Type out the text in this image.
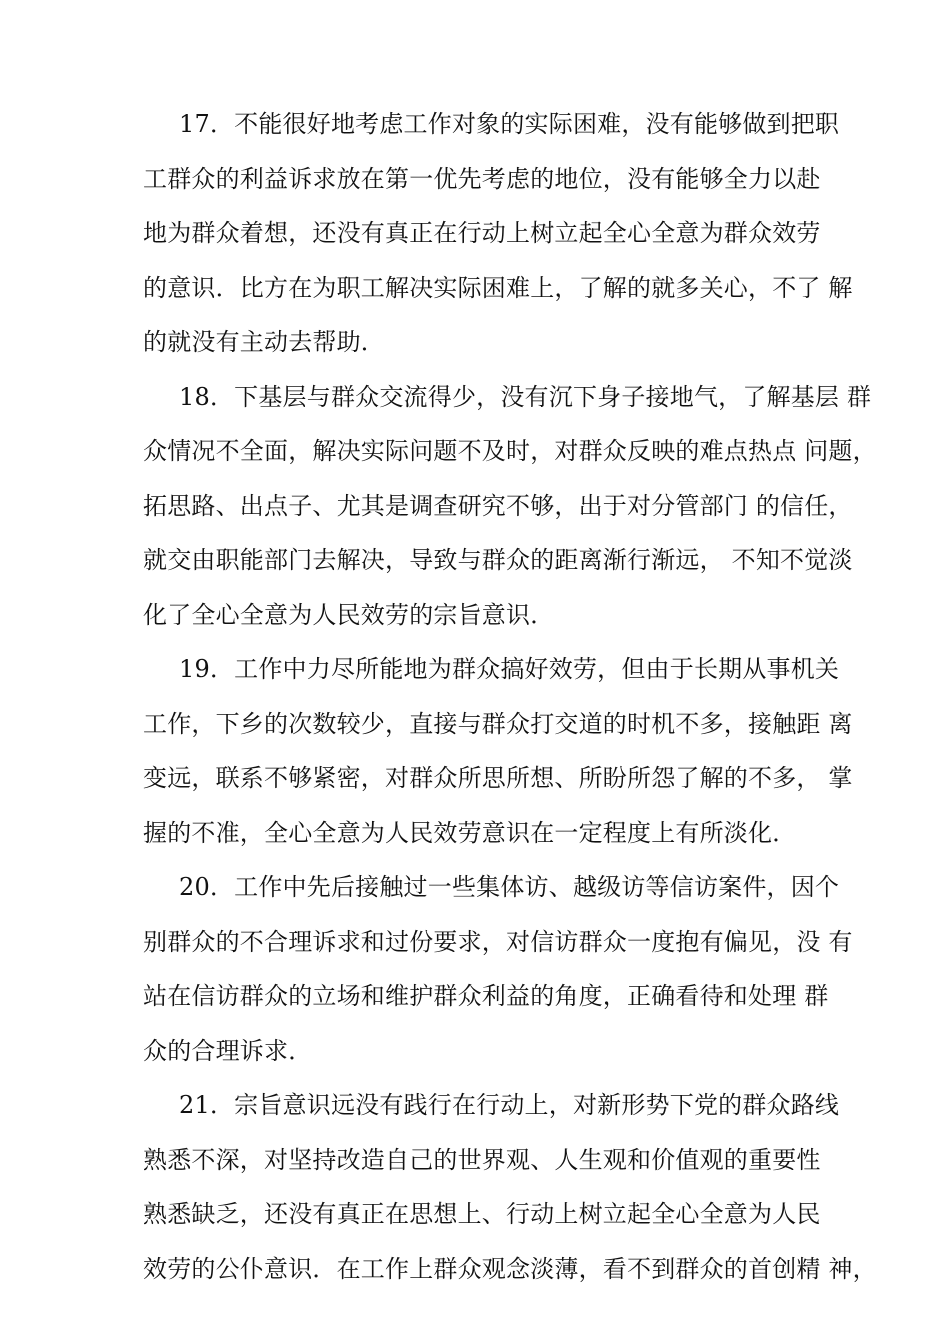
17．不能很好地考虑工作对象的实际困难，没有能够做到把职
工群众的利益诉求放在第一优先考虑的地位，没有能够全力以赴
地为群众着想，还没有真正在行动上树立起全心全意为群众效劳
的意识．比方在为职工解决实际困难上，了解的就多关心，不了 解
的就没有主动去帮助．
18．下基层与群众交流得少，没有沉下身子接地气，了解基层 群
众情况不全面，解决实际问题不及时，对群众反映的难点热点 问题，
拓思路、出点子、尤其是调查研究不够，出于对分管部门 的信任，
就交由职能部门去解决，导致与群众的距离渐行渐远， 不知不觉淡
化了全心全意为人民效劳的宗旨意识．
19．工作中力尽所能地为群众搞好效劳，但由于长期从事机关
工作，下乡的次数较少，直接与群众打交道的时机不多，接触距 离
变远，联系不够紧密，对群众所思所想、所盼所怨了解的不多， 掌
握的不准，全心全意为人民效劳意识在一定程度上有所淡化．
20．工作中先后接触过一些集体访、越级访等信访案件，因个
别群众的不合理诉求和过份要求，对信访群众一度抱有偏见，没 有
站在信访群众的立场和维护群众利益的角度，正确看待和处理 群
众的合理诉求．
21．宗旨意识远没有践行在行动上，对新形势下党的群众路线
熟悉不深，对坚持改造自己的世界观、人生观和价值观的重要性
熟悉缺乏，还没有真正在思想上、行动上树立起全心全意为人民
效劳的公仆意识．在工作上群众观念淡薄，看不到群众的首创精 神，
